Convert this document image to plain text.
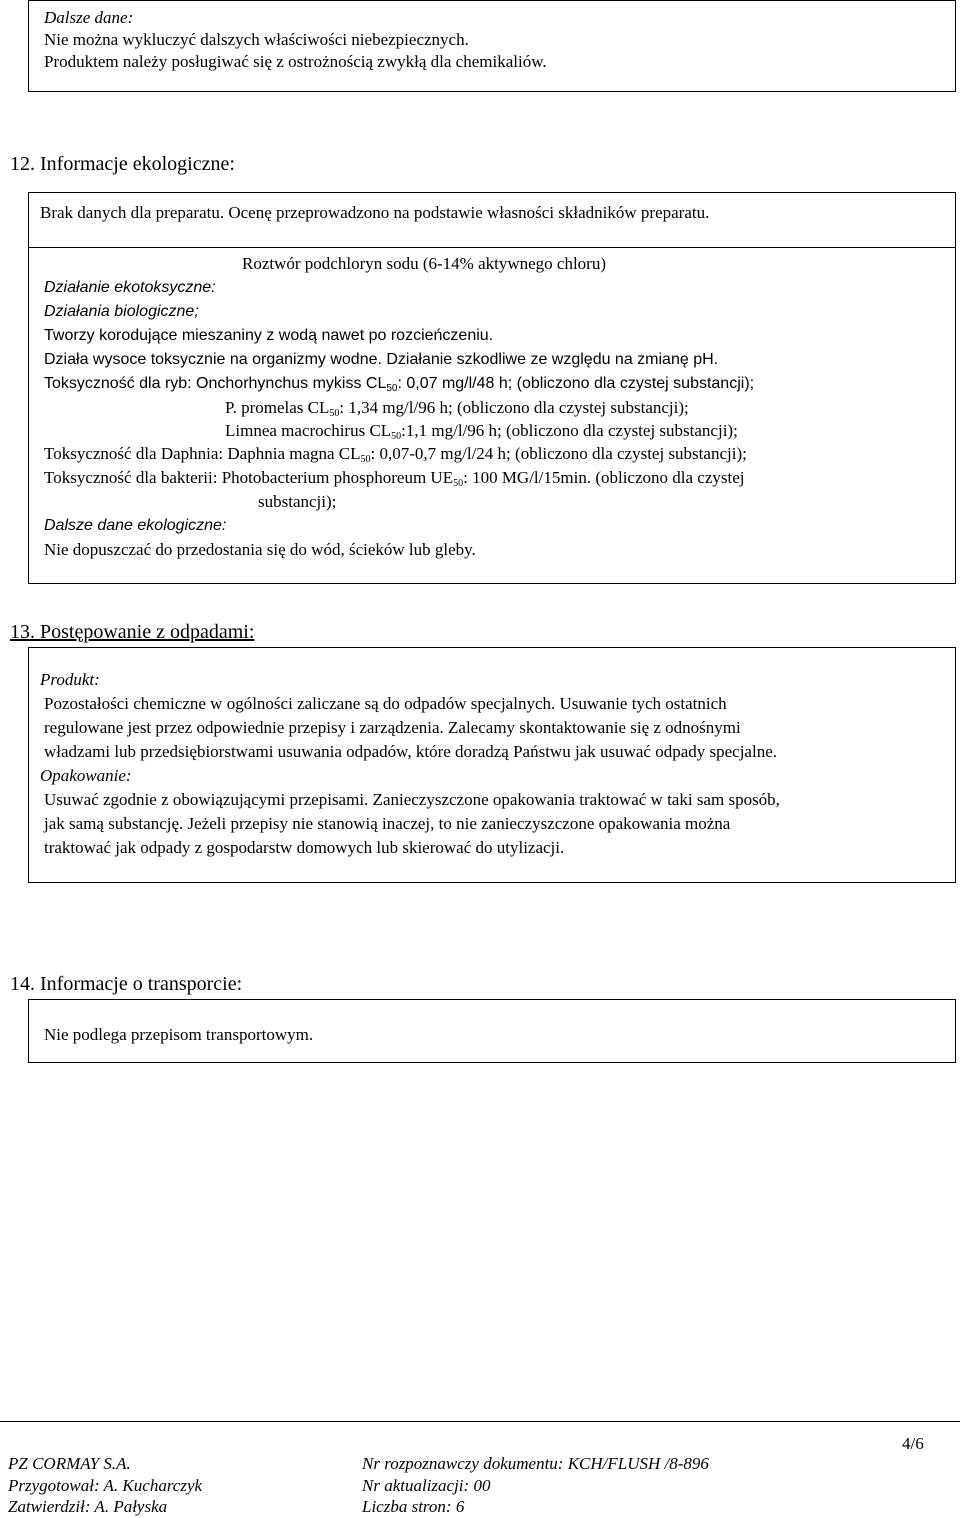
Dalsze dane:
Nie można wykluczyć dalszych właściwości niebezpiecznych.
Produktem należy posługiwać się z ostrożnością zwykłą dla chemikaliów.
12. Informacje ekologiczne:
Brak danych dla preparatu. Ocenę przeprowadzono na podstawie własności składników preparatu.
Roztwór podchloryn sodu (6-14% aktywnego chloru)
Działanie ekotoksyczne:
Działania biologiczne;
Tworzy korodujące mieszaniny z wodą nawet po rozcieńczeniu.
Działa wysoce toksycznie na organizmy wodne. Działanie szkodliwe ze względu na zmianę pH.
Toksyczność dla ryb: Onchorhynchus mykiss $CL_{50}$: 0,07 mg/l/48 h; (obliczono dla czystej substancji);
P. promelas $CL_{50}$: 1,34 mg/l/96 h; (obliczono dla czystej substancji);
Limnea macrochirus $CL_{50}:1,1$ mg/l/96 h; (obliczono dla czystej substancji);
Toksyczność dla Daphnia: Daphnia magna $CL_{50}$: 0,07-0,7 mg/l/24 h; (obliczono dla czystej substancji);
Toksyczność dla bakterii: Photobacterium phosphoreum $UE_{50}$: 100 MG/l/15min. (obliczono dla czystej
substancji);
Dalsze dane ekologiczne:
Nie dopuszczać do przedostania się do wód, ścieków lub gleby.
13. Postępowanie z odpadami:
Produkt:
Pozostałości chemiczne w ogólności zaliczane są do odpadów specjalnych. Usuwanie tych ostatnich
regulowane jest przez odpowiednie przepisy i zarządzenia. Zalecamy skontaktowanie się z odnośnymi
władzami lub przedsiębiorstwami usuwania odpadów, które doradzą Państwu jak usuwać odpady specjalne.
Opakowanie:
Usuwać zgodnie z obowiązującymi przepisami. Zanieczyszczone opakowania traktować w taki sam sposób,
jak samą substancję. Jeżeli przepisy nie stanowią inaczej, to nie zanieczyszczone opakowania można
traktować jak odpady z gospodarstw domowych lub skierować do utylizacji.
14. Informacje o transporcie:
Nie podlega przepisom transportowym.
4/6
PZ CORMAY S.A.	Nr rozpoznawczy dokumentu: KCH/FLUSH /8-896
Przygotował: A. Kucharczyk	Nr aktualizacji: 00
Zatwierdził: A. Pałyska	Liczba stron: 6
